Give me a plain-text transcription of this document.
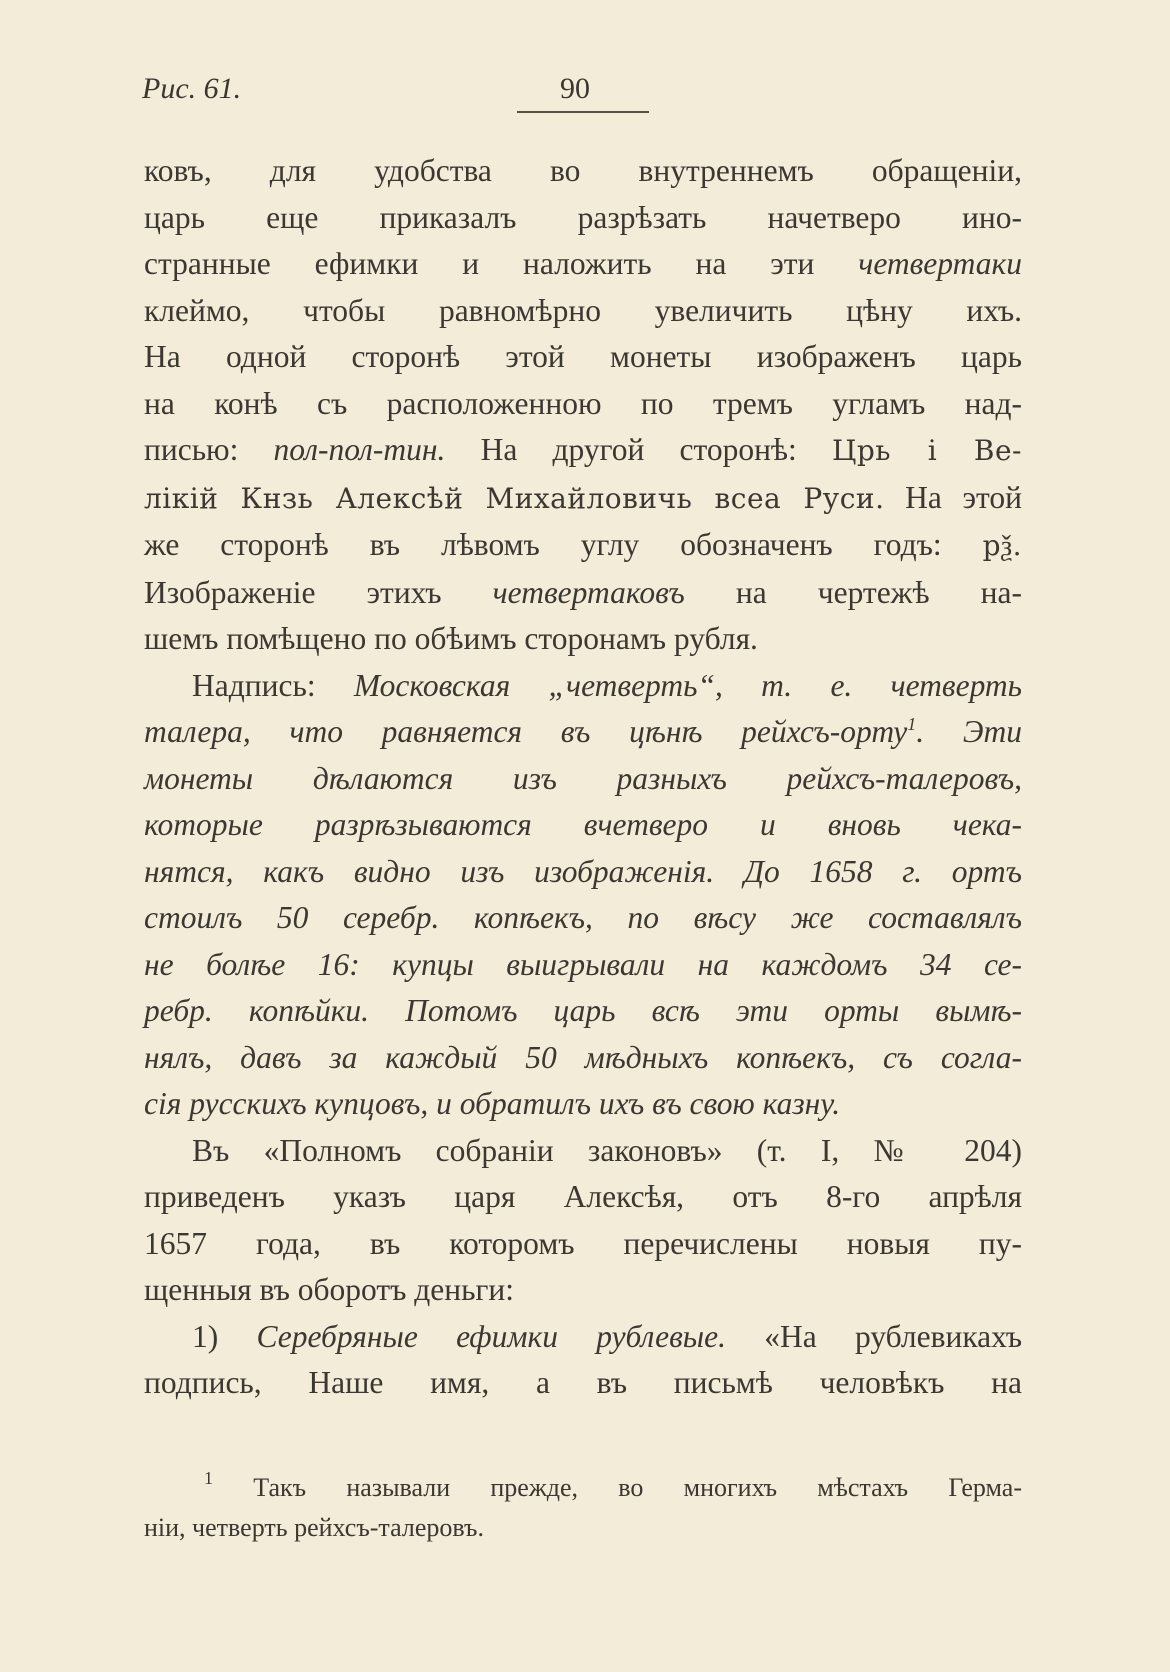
Рис. 61.	90
ковъ, для удобства во внутреннемъ обращенiи,
царь еще приказалъ разрѣзать начетверо ино-
странные ефимки и наложить на эти четвертаки
клеймо, чтобы равномѣрно увеличить цѣну ихъ.
На одной сторонѣ этой монеты изображенъ царь
на конѣ съ расположенною по тремъ угламъ над-
писью: пол-пол-тин. На другой сторонѣ: Црь і Ве-
лікій Кнзь Алексѣй Михайловичь всеа Руси. На этой
же сторонѣ въ лѣвомъ углу обозначенъ годъ: рѯ.
Изображенiе этихъ четвертаковъ на чертежѣ на-
шемъ помѣщено по обѣимъ сторонамъ рубля.
Надпись: Московская „четверть“, т. е. четверть
талера, что равняется въ цѣнѣ рейхсъ-орту$^1$. Эти
монеты дѣлаются изъ разныхъ рейхсъ-талеровъ,
которые разрѣзываются вчетверо и вновь чека-
нятся, какъ видно изъ изображенiя. До 1658 г. ортъ
стоилъ 50 серебр. копѣекъ, по вѣсу же составлялъ
не болѣе 16: купцы выигрывали на каждомъ 34 се-
ребр. копѣйки. Потомъ царь всѣ эти орты вымѣ-
нялъ, давъ за каждый 50 мѣдныхъ копѣекъ, съ согла-
сiя русскихъ купцовъ, и обратилъ ихъ въ свою казну.
Въ «Полномъ собранiи законовъ» (т. I, № 204)
приведенъ указъ царя Алексѣя, отъ 8-го апрѣля
1657 года, въ которомъ перечислены новыя пу-
щенныя въ оборотъ деньги:
1) Серебряные ефимки рублевые. «На рублевикахъ
подпись, Наше имя, а въ письмѣ человѣкъ на
$^1$ Такъ называли прежде, во многихъ мѣстахъ Герма-
нiи, четверть рейхсъ-талеровъ.
